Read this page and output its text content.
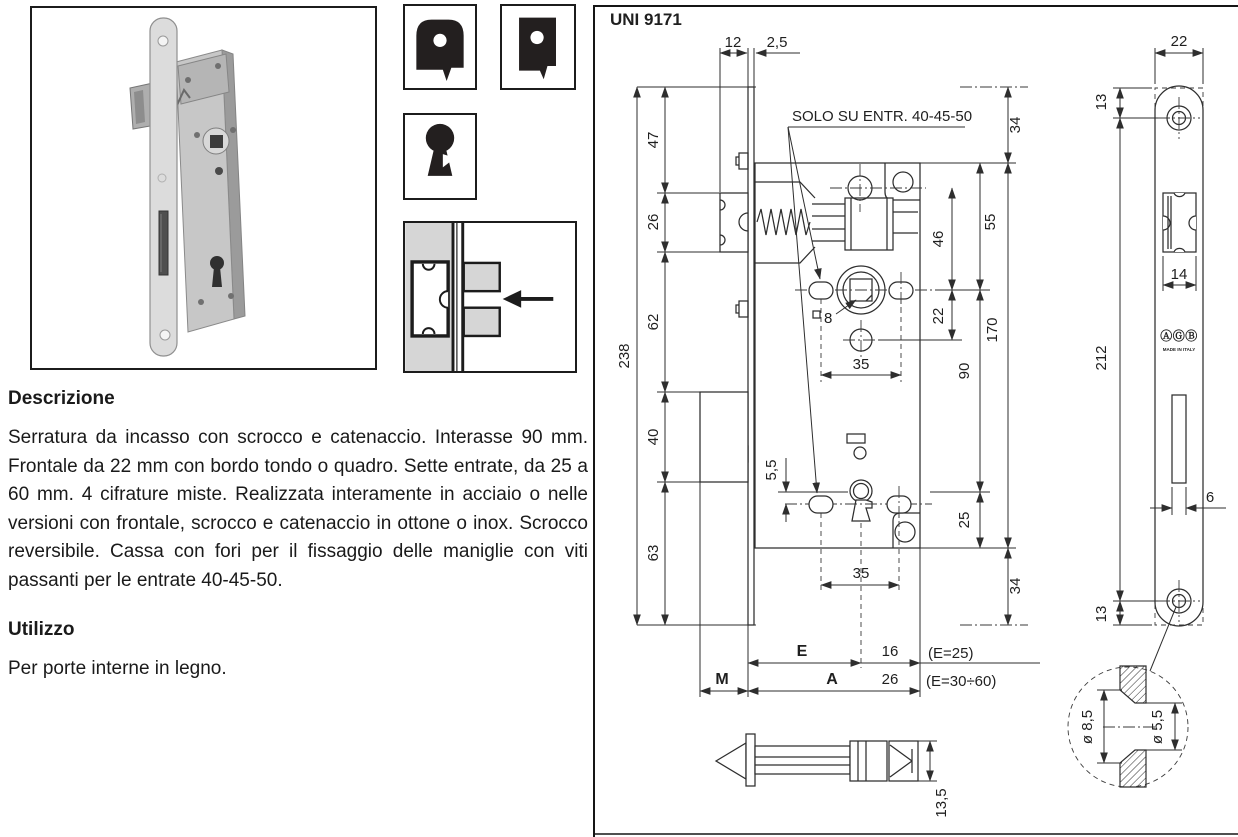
Descrizione

Serratura da incasso con scrocco e catenaccio. Interasse 90 mm. Frontale da 22 mm con bordo tondo o quadro. Sette entrate, da 25 a 60 mm. 4 cifrature miste. Realizzata interamente in acciaio o nelle versioni con frontale, scrocco e catenaccio in ottone o inox. Scrocco reversibile. Cassa con fori per il fissaggio delle maniglie con viti passanti per le entrate 40-45-50.

Utilizzo

Per porte interne in legno.

UNI 9171
12 2,5
238
47
26
62
40
63
8
35
SOLO SU ENTR. 40-45-50
5,5
35
34
46
55
22
90
170
25
34
E	16 (E=25)
A	26 (E=30÷60)
M
13,5
ø 8,5	ø 5,5
22
13
212
13
14
ⒶⒼⒷ
MADE IN ITALY
6
